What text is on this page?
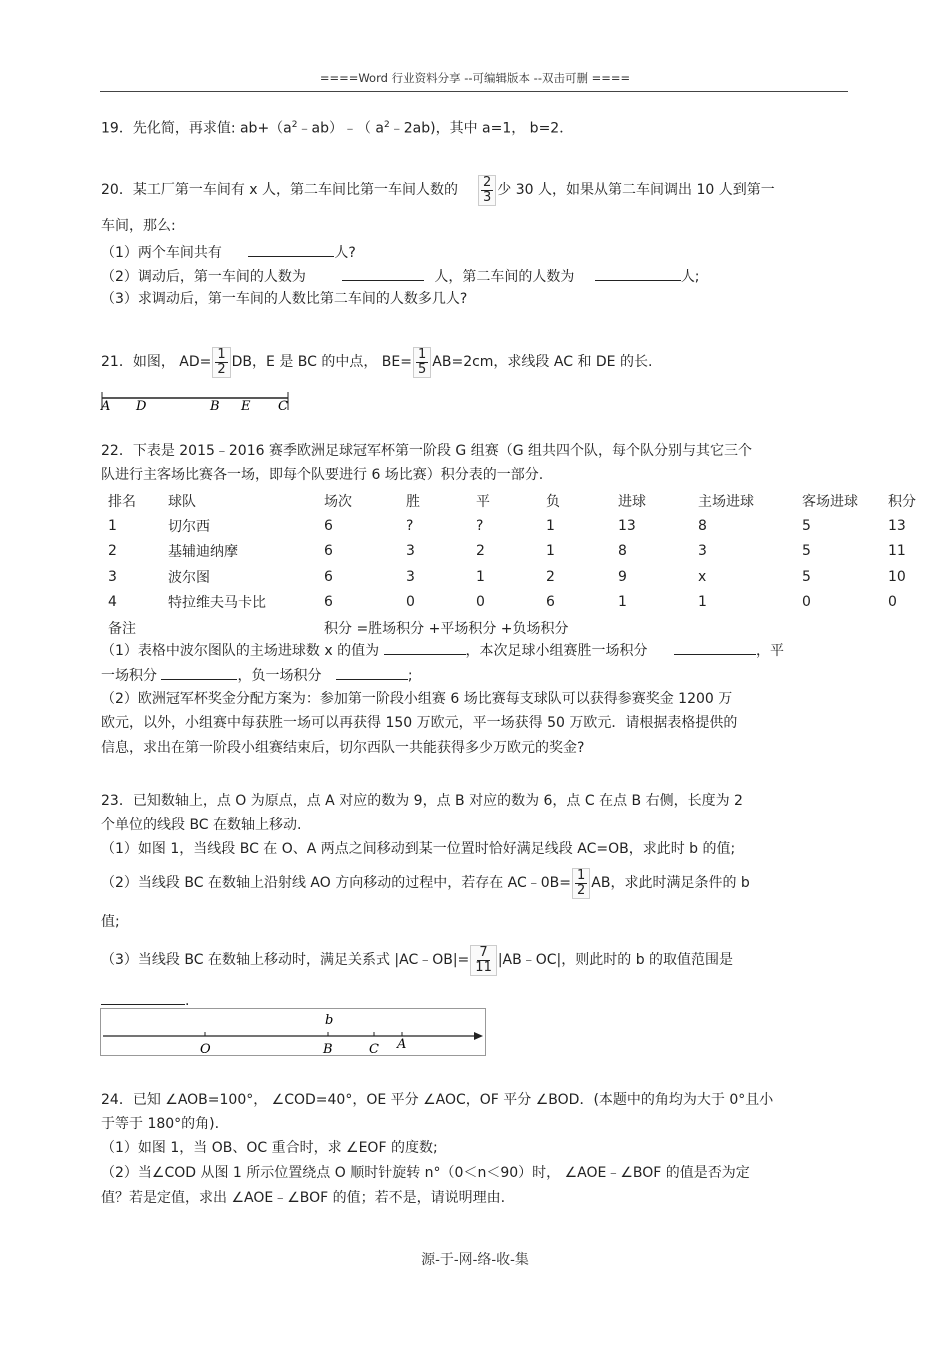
====Word 行业资料分享 --可编辑版本 --双击可删 ====
19．先化简，再求值: $ab+(a^2﹣ab)﹣$（ $a^2﹣2ab$)，其中 a=1， b=2．
20．某工厂第一车间有 x 人，第二车间比第一车间人数的 $\frac{2}{3}$ 少 30 人，如果从第二车间调出 10 人到第一
车间，那么:
（1）两个车间共有	人?
（2）调动后，第一车间的人数为	人，第二车间的人数为	人;
（3）求调动后，第一车间的人数比第二车间的人数多几人?
21．如图， $AD= \frac{1}{2}$ DB，E 是 BC 的中点， $BE= \frac{1}{5} AB=2cm$，求线段 AC 和 DE 的长.
A D	B E C
22．下表是 2015﹣2016 赛季欧洲足球冠军杯第一阶段 G 组赛（G 组共四个队，每个队分别与其它三个
队进行主客场比赛各一场，即每个队要进行 6 场比赛）积分表的一部分.
排名	球队	场次	胜	平	负	进球	主场进球	客场进球	积分
1	切尔西	6	?	?	1	13	8	5	13
2	基辅迪纳摩	6	3	2	1	8	3	5	11
3	波尔图	6	3	1	2	9	x	5	10
4	特拉维夫马卡比	6	0	0	6	1	1	0	0
备注	积分 =胜场积分 +平场积分 +负场积分								
（1）表格中波尔图队的主场进球数 x 的值为	，本次足球小组赛胜一场积分	，平
一场积分	，负一场积分	;
（2）欧洲冠军杯奖金分配方案为：参加第一阶段小组赛 6 场比赛每支球队可以获得参赛奖金 1200 万
欧元，以外，小组赛中每获胜一场可以再获得 150 万欧元，平一场获得 50 万欧元．请根据表格提供的
信息，求出在第一阶段小组赛结束后，切尔西队一共能获得多少万欧元的奖金?
23．已知数轴上，点 O 为原点，点 A 对应的数为 9，点 B 对应的数为 6，点 C 在点 B 右侧，长度为 2
个单位的线段 BC 在数轴上移动.
（1）如图 1，当线段 BC 在 O、A 两点之间移动到某一位置时恰好满足线段 AC=OB，求此时 b 的值;
（2）当线段 BC 在数轴上沿射线 AO 方向移动的过程中，若存在 AC﹣0B= $\frac{1}{2}$ AB，求此时满足条件的 b
值;
（3）当线段 BC 在数轴上移动时，满足关系式 |AC﹣OB|= $\frac{7}{11}$ |AB﹣OC|，则此时的 b 的取值范围是
.
b
O	B	C A
24．已知 ∠AOB=100°， ∠COD=40°，OE 平分 ∠AOC，OF 平分 ∠BOD．(本题中的角均为大于 0°且小
于等于 180°的角).
（1）如图 1，当 OB、OC 重合时，求 ∠EOF 的度数;
（2）当∠COD 从图 1 所示位置绕点 O 顺时针旋转 n°（0＜n＜90）时， ∠AOE﹣∠BOF 的值是否为定
值？若是定值，求出 ∠AOE﹣∠BOF 的值；若不是，请说明理由.
源-于-网-络-收-集
